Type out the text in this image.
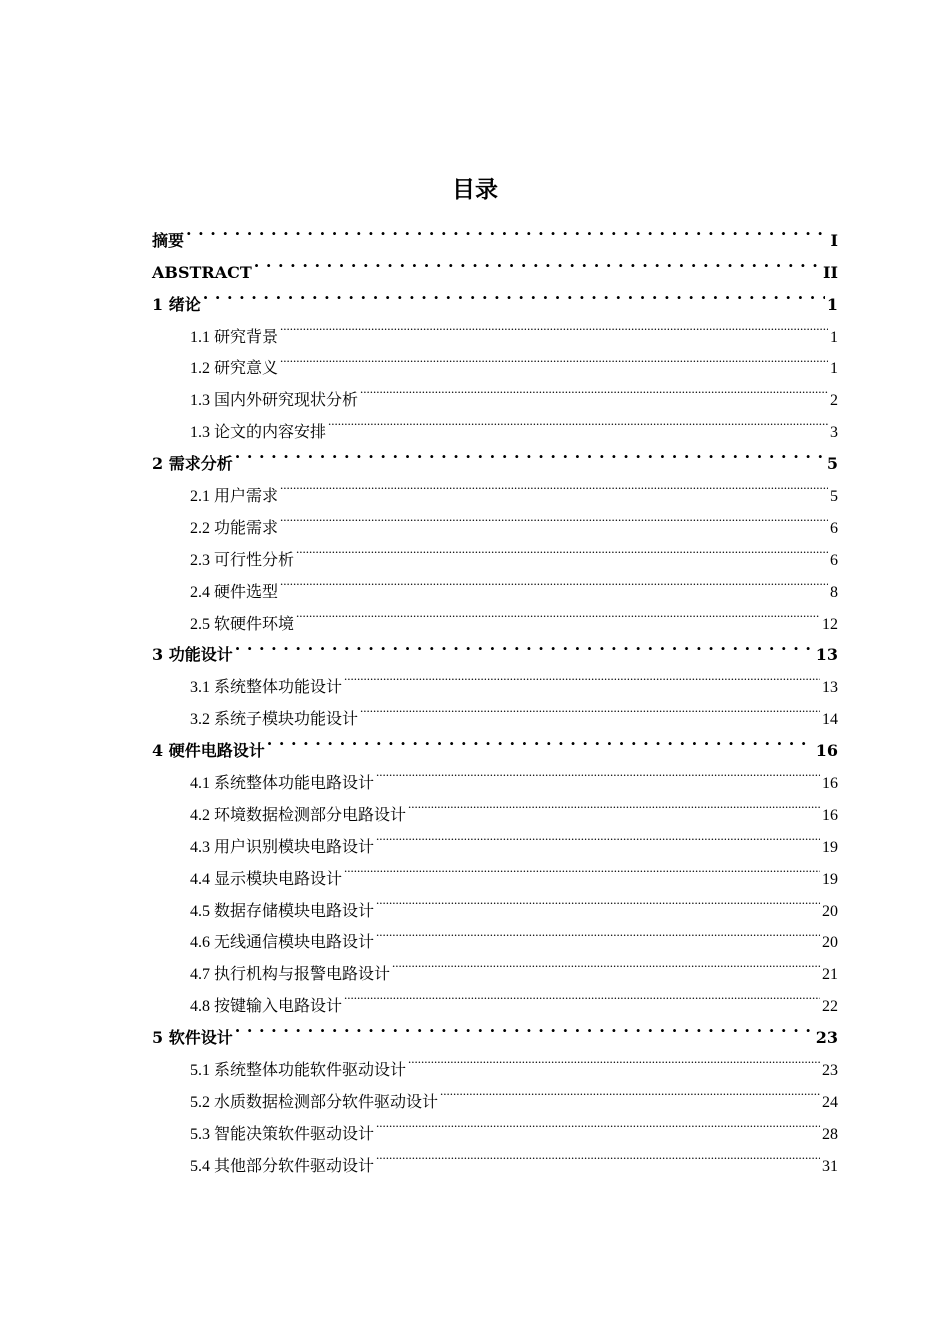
目录
摘要 . . .	I
ABSTRACT . . .	II
1 绪论 . . .	1
1.1 研究背景 .....	1
1.2 研究意义 .....	1
1.3 国内外研究现状分析 .....	2
1.3 论文的内容安排 .....	3
2 需求分析 . . .	5
2.1 用户需求 .....	5
2.2 功能需求 .....	6
2.3 可行性分析 .....	6
2.4 硬件选型 .....	8
2.5 软硬件环境 .....	12
3 功能设计 . . .	13
3.1 系统整体功能设计 .....	13
3.2 系统子模块功能设计 .....	14
4 硬件电路设计 . . .	16
4.1 系统整体功能电路设计 .....	16
4.2 环境数据检测部分电路设计 .....	16
4.3 用户识别模块电路设计 .....	19
4.4 显示模块电路设计 .....	19
4.5 数据存储模块电路设计 .....	20
4.6 无线通信模块电路设计 .....	20
4.7 执行机构与报警电路设计 .....	21
4.8 按键输入电路设计 .....	22
5 软件设计 . . .	23
5.1 系统整体功能软件驱动设计 .....	23
5.2 水质数据检测部分软件驱动设计 .....	24
5.3 智能决策软件驱动设计 .....	28
5.4 其他部分软件驱动设计 .....	31
